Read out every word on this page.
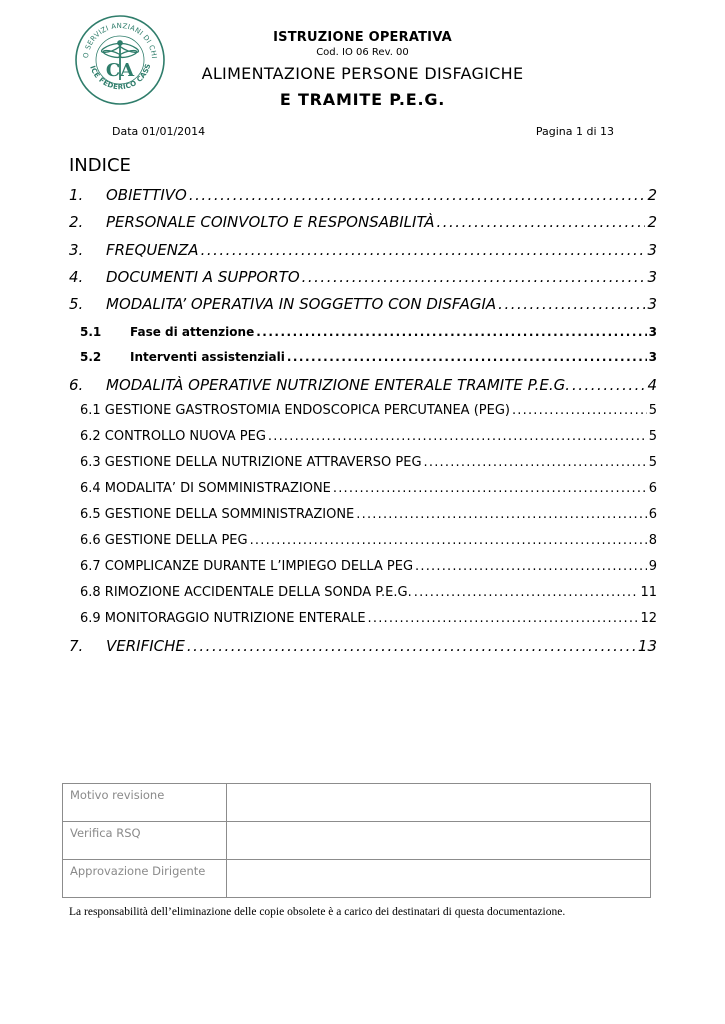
O SERVIZI ANZIANI DI CHI
ICE FEDERICO CASS
CA
ISTRUZIONE OPERATIVA
Cod. IO 06 Rev. 00
ALIMENTAZIONE PERSONE DISFAGICHE
E TRAMITE P.E.G.
Data 01/01/2014	Pagina 1 di 13
INDICE
1.	OBIETTIVO .....	2
2.	PERSONALE COINVOLTO E RESPONSABILITÀ .....	2
3.	FREQUENZA .....	3
4.	DOCUMENTI A SUPPORTO .....	3
5.	MODALITA’ OPERATIVA IN SOGGETTO CON DISFAGIA .....	3
5.1	Fase di attenzione .....	3
5.2	Interventi assistenziali .....	3
6.	MODALITÀ OPERATIVE NUTRIZIONE ENTERALE TRAMITE P.E.G. .....	4
6.1 GESTIONE GASTROSTOMIA ENDOSCOPICA PERCUTANEA (PEG) .....	5
6.2 CONTROLLO NUOVA PEG .....	5
6.3 GESTIONE DELLA NUTRIZIONE ATTRAVERSO PEG .....	5
6.4 MODALITA’ DI SOMMINISTRAZIONE .....	6
6.5 GESTIONE DELLA SOMMINISTRAZIONE .....	6
6.6 GESTIONE DELLA PEG .....	8
6.7 COMPLICANZE DURANTE L’IMPIEGO DELLA PEG .....	9
6.8 RIMOZIONE ACCIDENTALE DELLA SONDA P.E.G. .....	11
6.9 MONITORAGGIO NUTRIZIONE ENTERALE .....	12
7.	VERIFICHE .....	13
Motivo revisione	
Verifica RSQ	
Approvazione Dirigente	
La responsabilità dell’eliminazione delle copie obsolete è a carico dei destinatari di questa documentazione.
